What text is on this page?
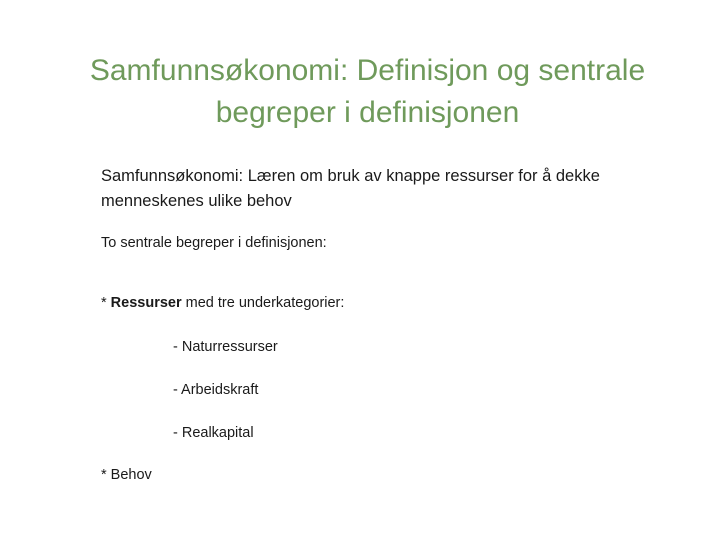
Samfunnsøkonomi: Definisjon og sentrale begreper i definisjonen

Samfunnsøkonomi: Læren om bruk av knappe ressurser for å dekke menneskenes ulike behov

To sentrale begreper i definisjonen:

* Ressurser med tre underkategorier:

- Naturressurser

- Arbeidskraft

- Realkapital

* Behov
